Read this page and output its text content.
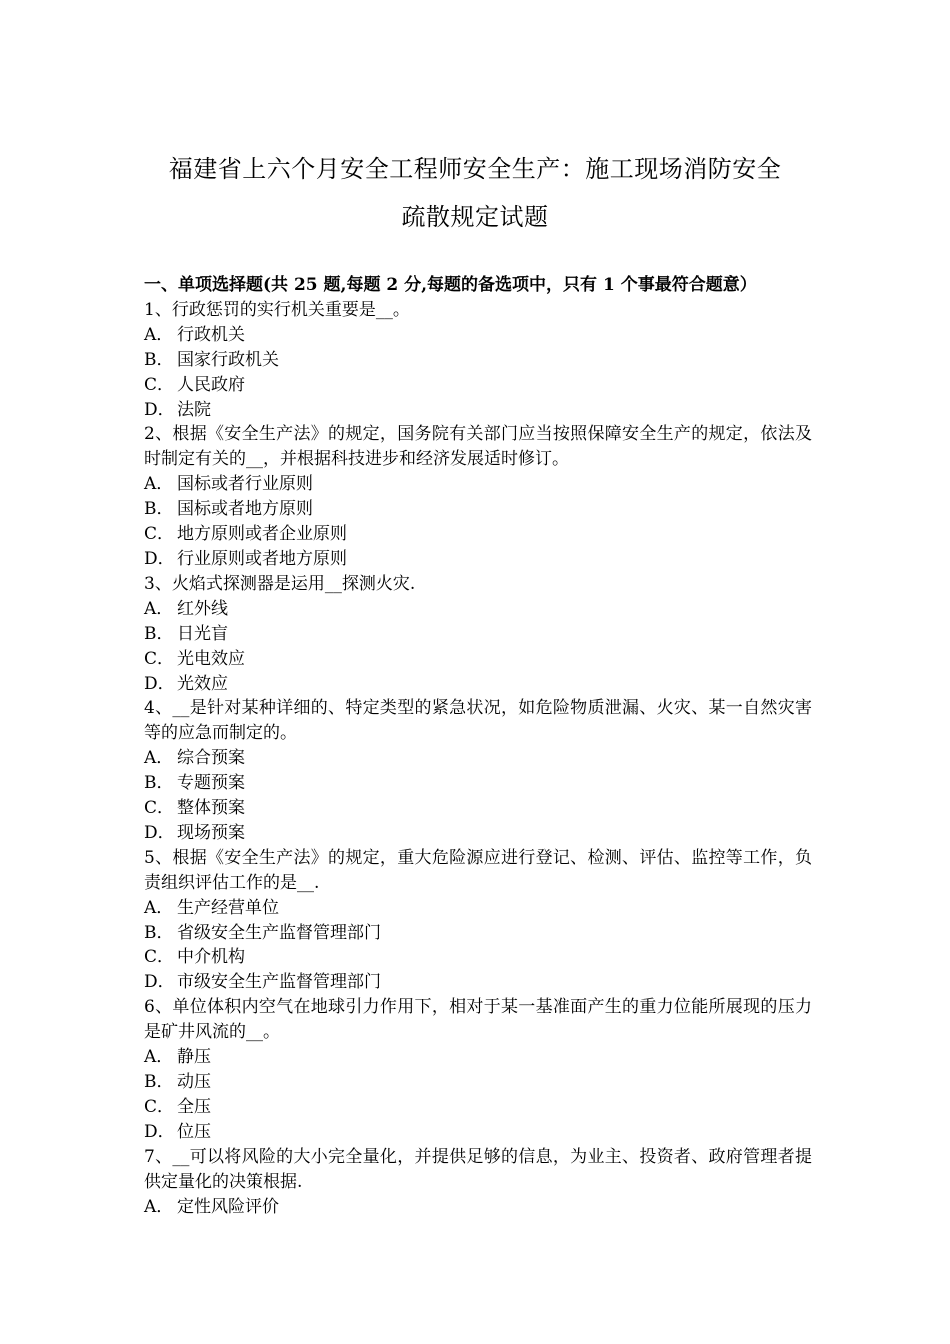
福建省上六个月安全工程师安全生产：施工现场消防安全
疏散规定试题
一、单项选择题(共 25 题,每题 2 分,每题的备选项中，只有 1 个事最符合题意）
1、行政惩罚的实行机关重要是__。
A． 行政机关
B． 国家行政机关
C． 人民政府
D． 法院
2、根据《安全生产法》的规定，国务院有关部门应当按照保障安全生产的规定，依法及时制定有关的__，并根据科技进步和经济发展适时修订。
A． 国标或者行业原则
B． 国标或者地方原则
C． 地方原则或者企业原则
D． 行业原则或者地方原则
3、火焰式探测器是运用__探测火灾.
A． 红外线
B． 日光盲
C． 光电效应
D． 光效应
4、__是针对某种详细的、特定类型的紧急状况，如危险物质泄漏、火灾、某一自然灾害等的应急而制定的。
A． 综合预案
B． 专题预案
C． 整体预案
D． 现场预案
5、根据《安全生产法》的规定，重大危险源应进行登记、检测、评估、监控等工作，负责组织评估工作的是__.
A． 生产经营单位
B． 省级安全生产监督管理部门
C． 中介机构
D． 市级安全生产监督管理部门
6、单位体积内空气在地球引力作用下，相对于某一基准面产生的重力位能所展现的压力是矿井风流的__。
A． 静压
B． 动压
C． 全压
D． 位压
7、__可以将风险的大小完全量化，并提供足够的信息，为业主、投资者、政府管理者提供定量化的决策根据.
A． 定性风险评价
